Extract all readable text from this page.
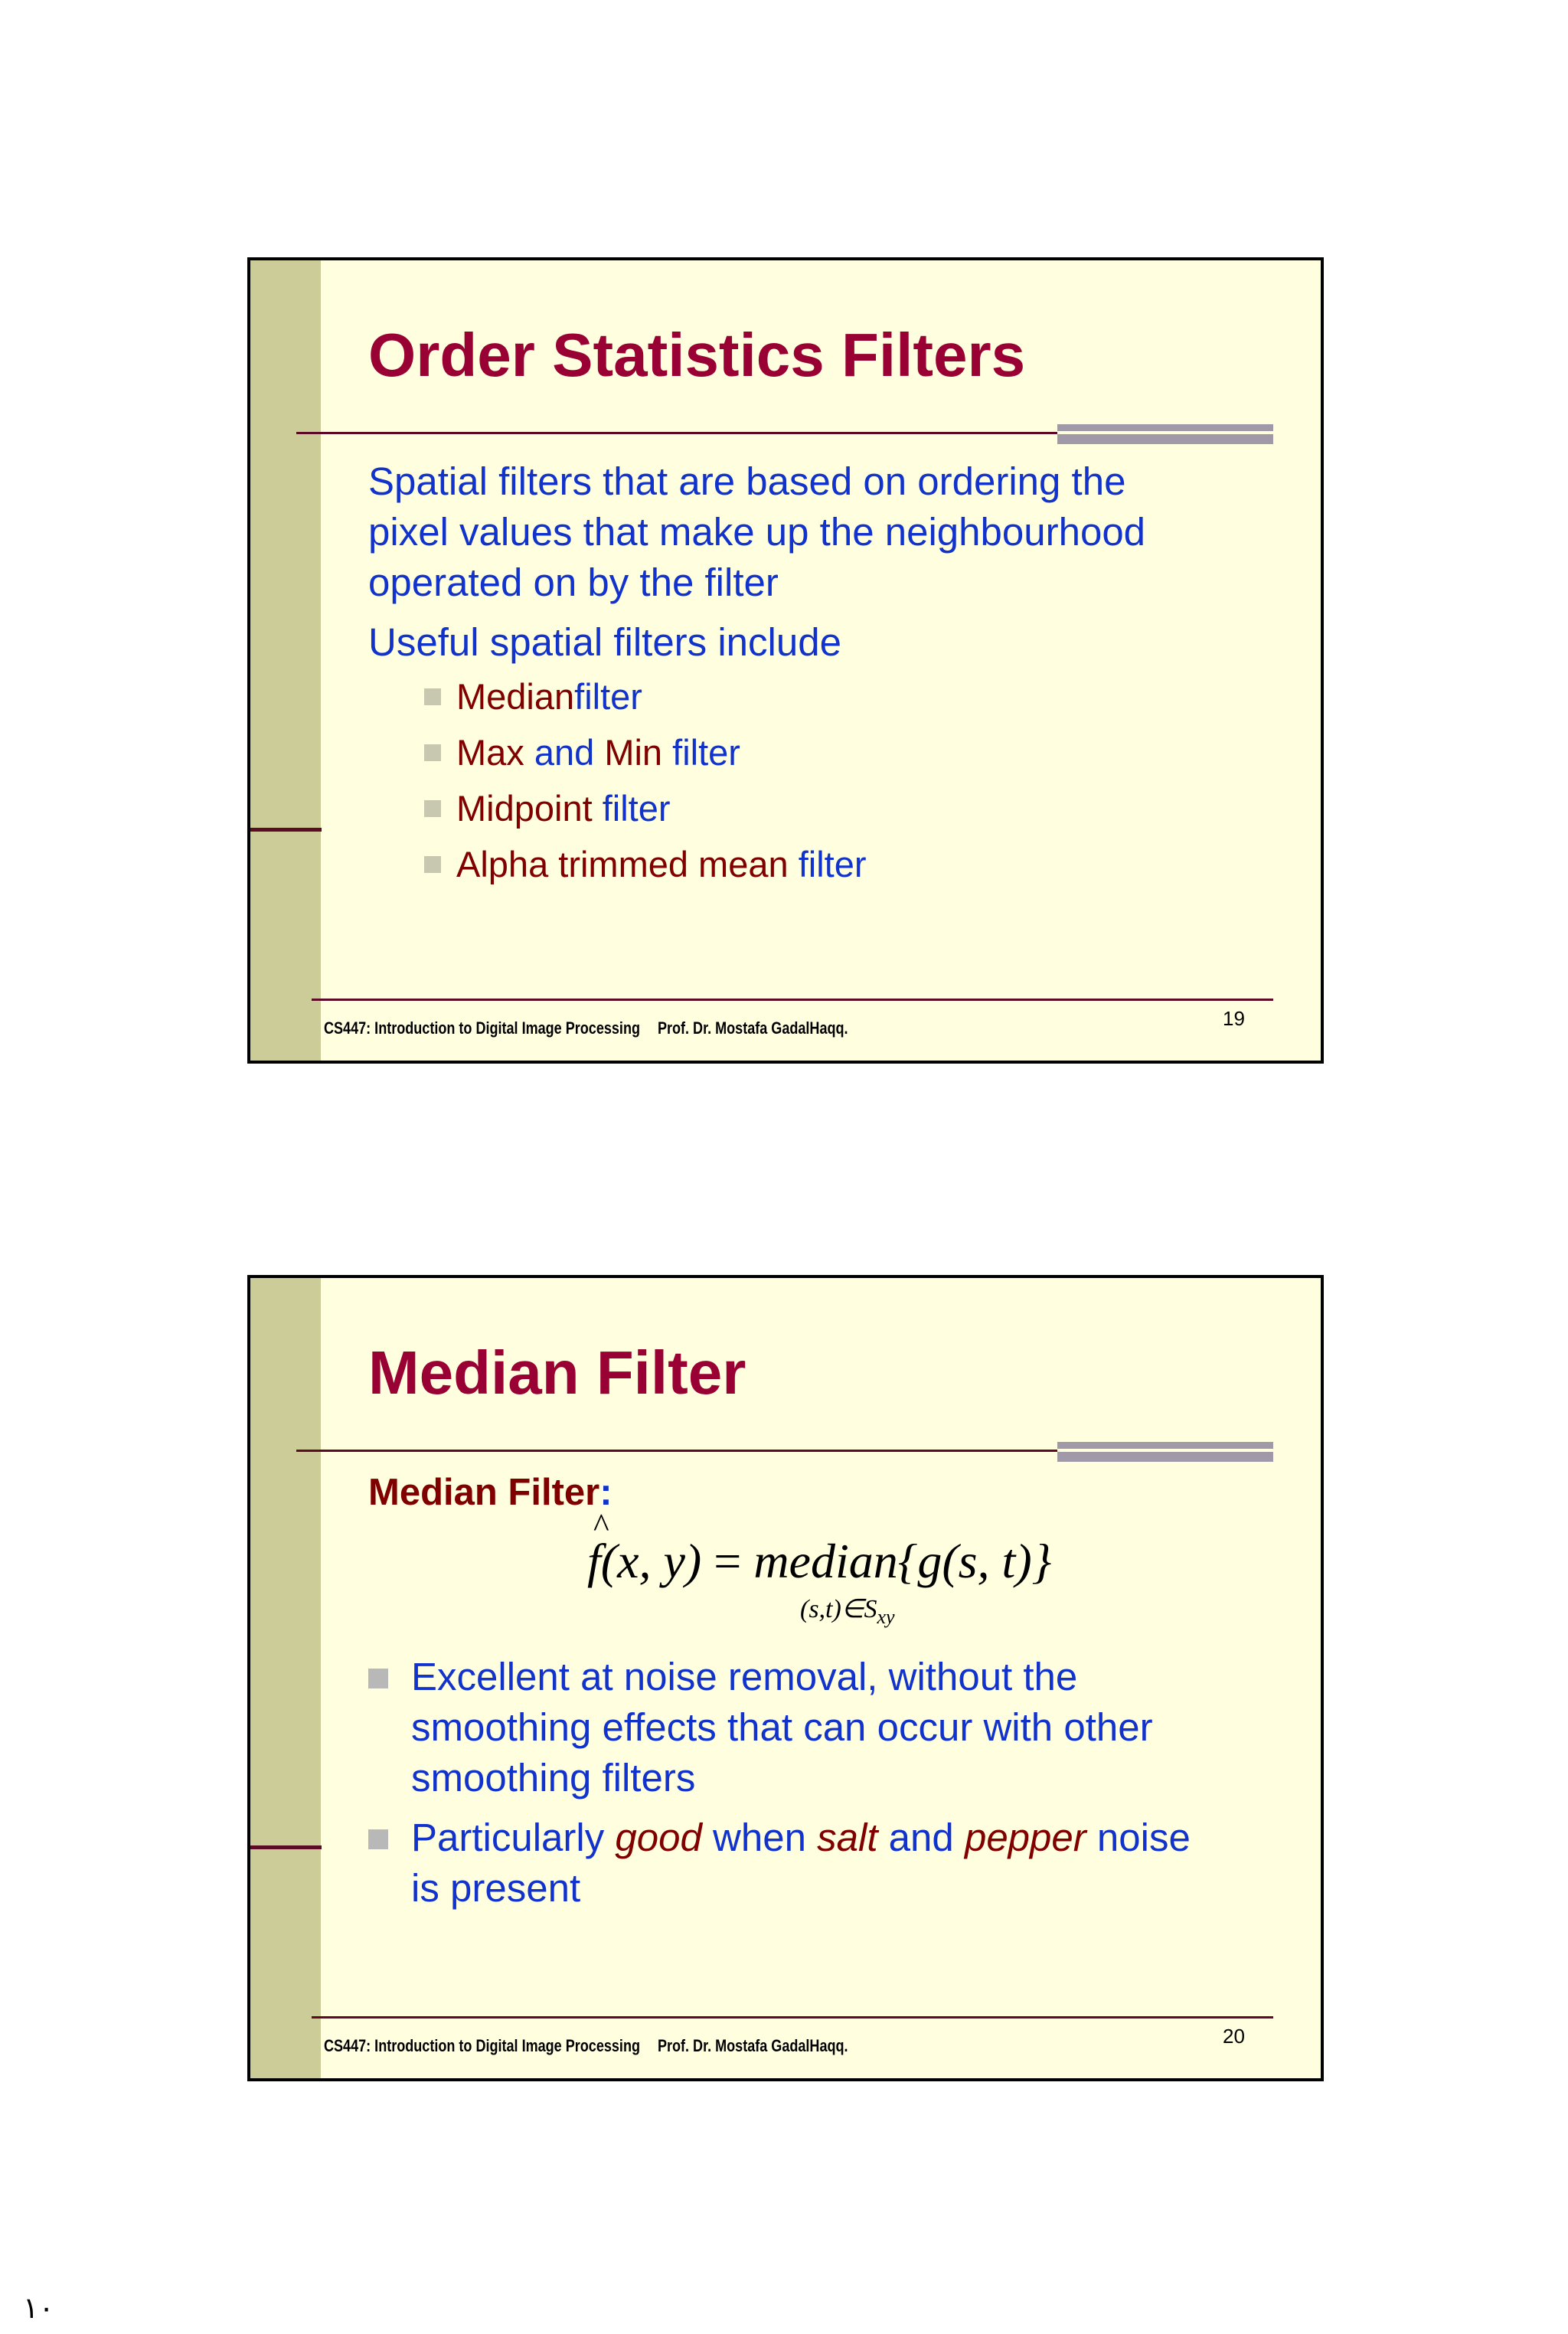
Order Statistics Filters
Spatial filters that are based on ordering the
pixel values that make up the neighbourhood
operated on by the filter
Useful spatial filters include
Median filter
Max and Min filter
Midpoint filter
Alpha trimmed mean filter
CS447: Introduction to Digital Image Processing Prof. Dr. Mostafa GadalHaqq.	19
Median Filter
Median Filter:
^
f(x, y) = median{g(s, t)}
$(s,t)\in S_{xy}$
Excellent at noise removal, without the
smoothing effects that can occur with other
smoothing filters
Particularly good when salt and pepper noise
is present
CS447: Introduction to Digital Image Processing Prof. Dr. Mostafa GadalHaqq.	20
١٠
